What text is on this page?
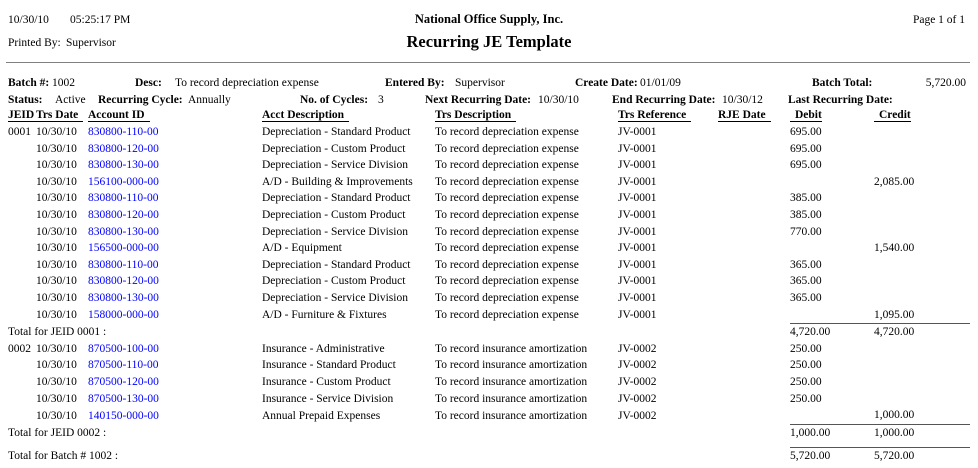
10/30/10 05:25:17 PM	National Office Supply, Inc.	Page 1 of 1
Printed By: Supervisor	Recurring JE Template
Batch #: 1002	Desc: To record depreciation expense	Entered By: Supervisor	Create Date: 01/01/09	Batch Total:	5,720.00
Status: Active Recurring Cycle: Annually	No. of Cycles: 3	Next Recurring Date: 10/30/10	End Recurring Date: 10/30/12 Last Recurring Date:
JEID	Trs Date	Account ID	Acct Description	Trs Description	Trs Reference	RJE Date	Debit	Credit
0001	10/30/10	830800-110-00	Depreciation - Standard Product	To record depreciation expense	JV-0001		695.00	
	10/30/10	830800-120-00	Depreciation - Custom Product	To record depreciation expense	JV-0001		695.00	
	10/30/10	830800-130-00	Depreciation - Service Division	To record depreciation expense	JV-0001		695.00	
	10/30/10	156100-000-00	A/D - Building & Improvements	To record depreciation expense	JV-0001			2,085.00
	10/30/10	830800-110-00	Depreciation - Standard Product	To record depreciation expense	JV-0001		385.00	
	10/30/10	830800-120-00	Depreciation - Custom Product	To record depreciation expense	JV-0001		385.00	
	10/30/10	830800-130-00	Depreciation - Service Division	To record depreciation expense	JV-0001		770.00	
	10/30/10	156500-000-00	A/D - Equipment	To record depreciation expense	JV-0001			1,540.00
	10/30/10	830800-110-00	Depreciation - Standard Product	To record depreciation expense	JV-0001		365.00	
	10/30/10	830800-120-00	Depreciation - Custom Product	To record depreciation expense	JV-0001		365.00	
	10/30/10	830800-130-00	Depreciation - Service Division	To record depreciation expense	JV-0001		365.00	
	10/30/10	158000-000-00	A/D - Furniture & Fixtures	To record depreciation expense	JV-0001			1,095.00
Total for JEID 0001 :							4,720.00	4,720.00
0002	10/30/10	870500-100-00	Insurance - Administrative	To record insurance amortization	JV-0002		250.00	
	10/30/10	870500-110-00	Insurance - Standard Product	To record insurance amortization	JV-0002		250.00	
	10/30/10	870500-120-00	Insurance - Custom Product	To record insurance amortization	JV-0002		250.00	
	10/30/10	870500-130-00	Insurance - Service Division	To record insurance amortization	JV-0002		250.00	
	10/30/10	140150-000-00	Annual Prepaid Expenses	To record insurance amortization	JV-0002			1,000.00
Total for JEID 0002 :							1,000.00	1,000.00

Total for Batch # 1002 :							5,720.00	5,720.00
